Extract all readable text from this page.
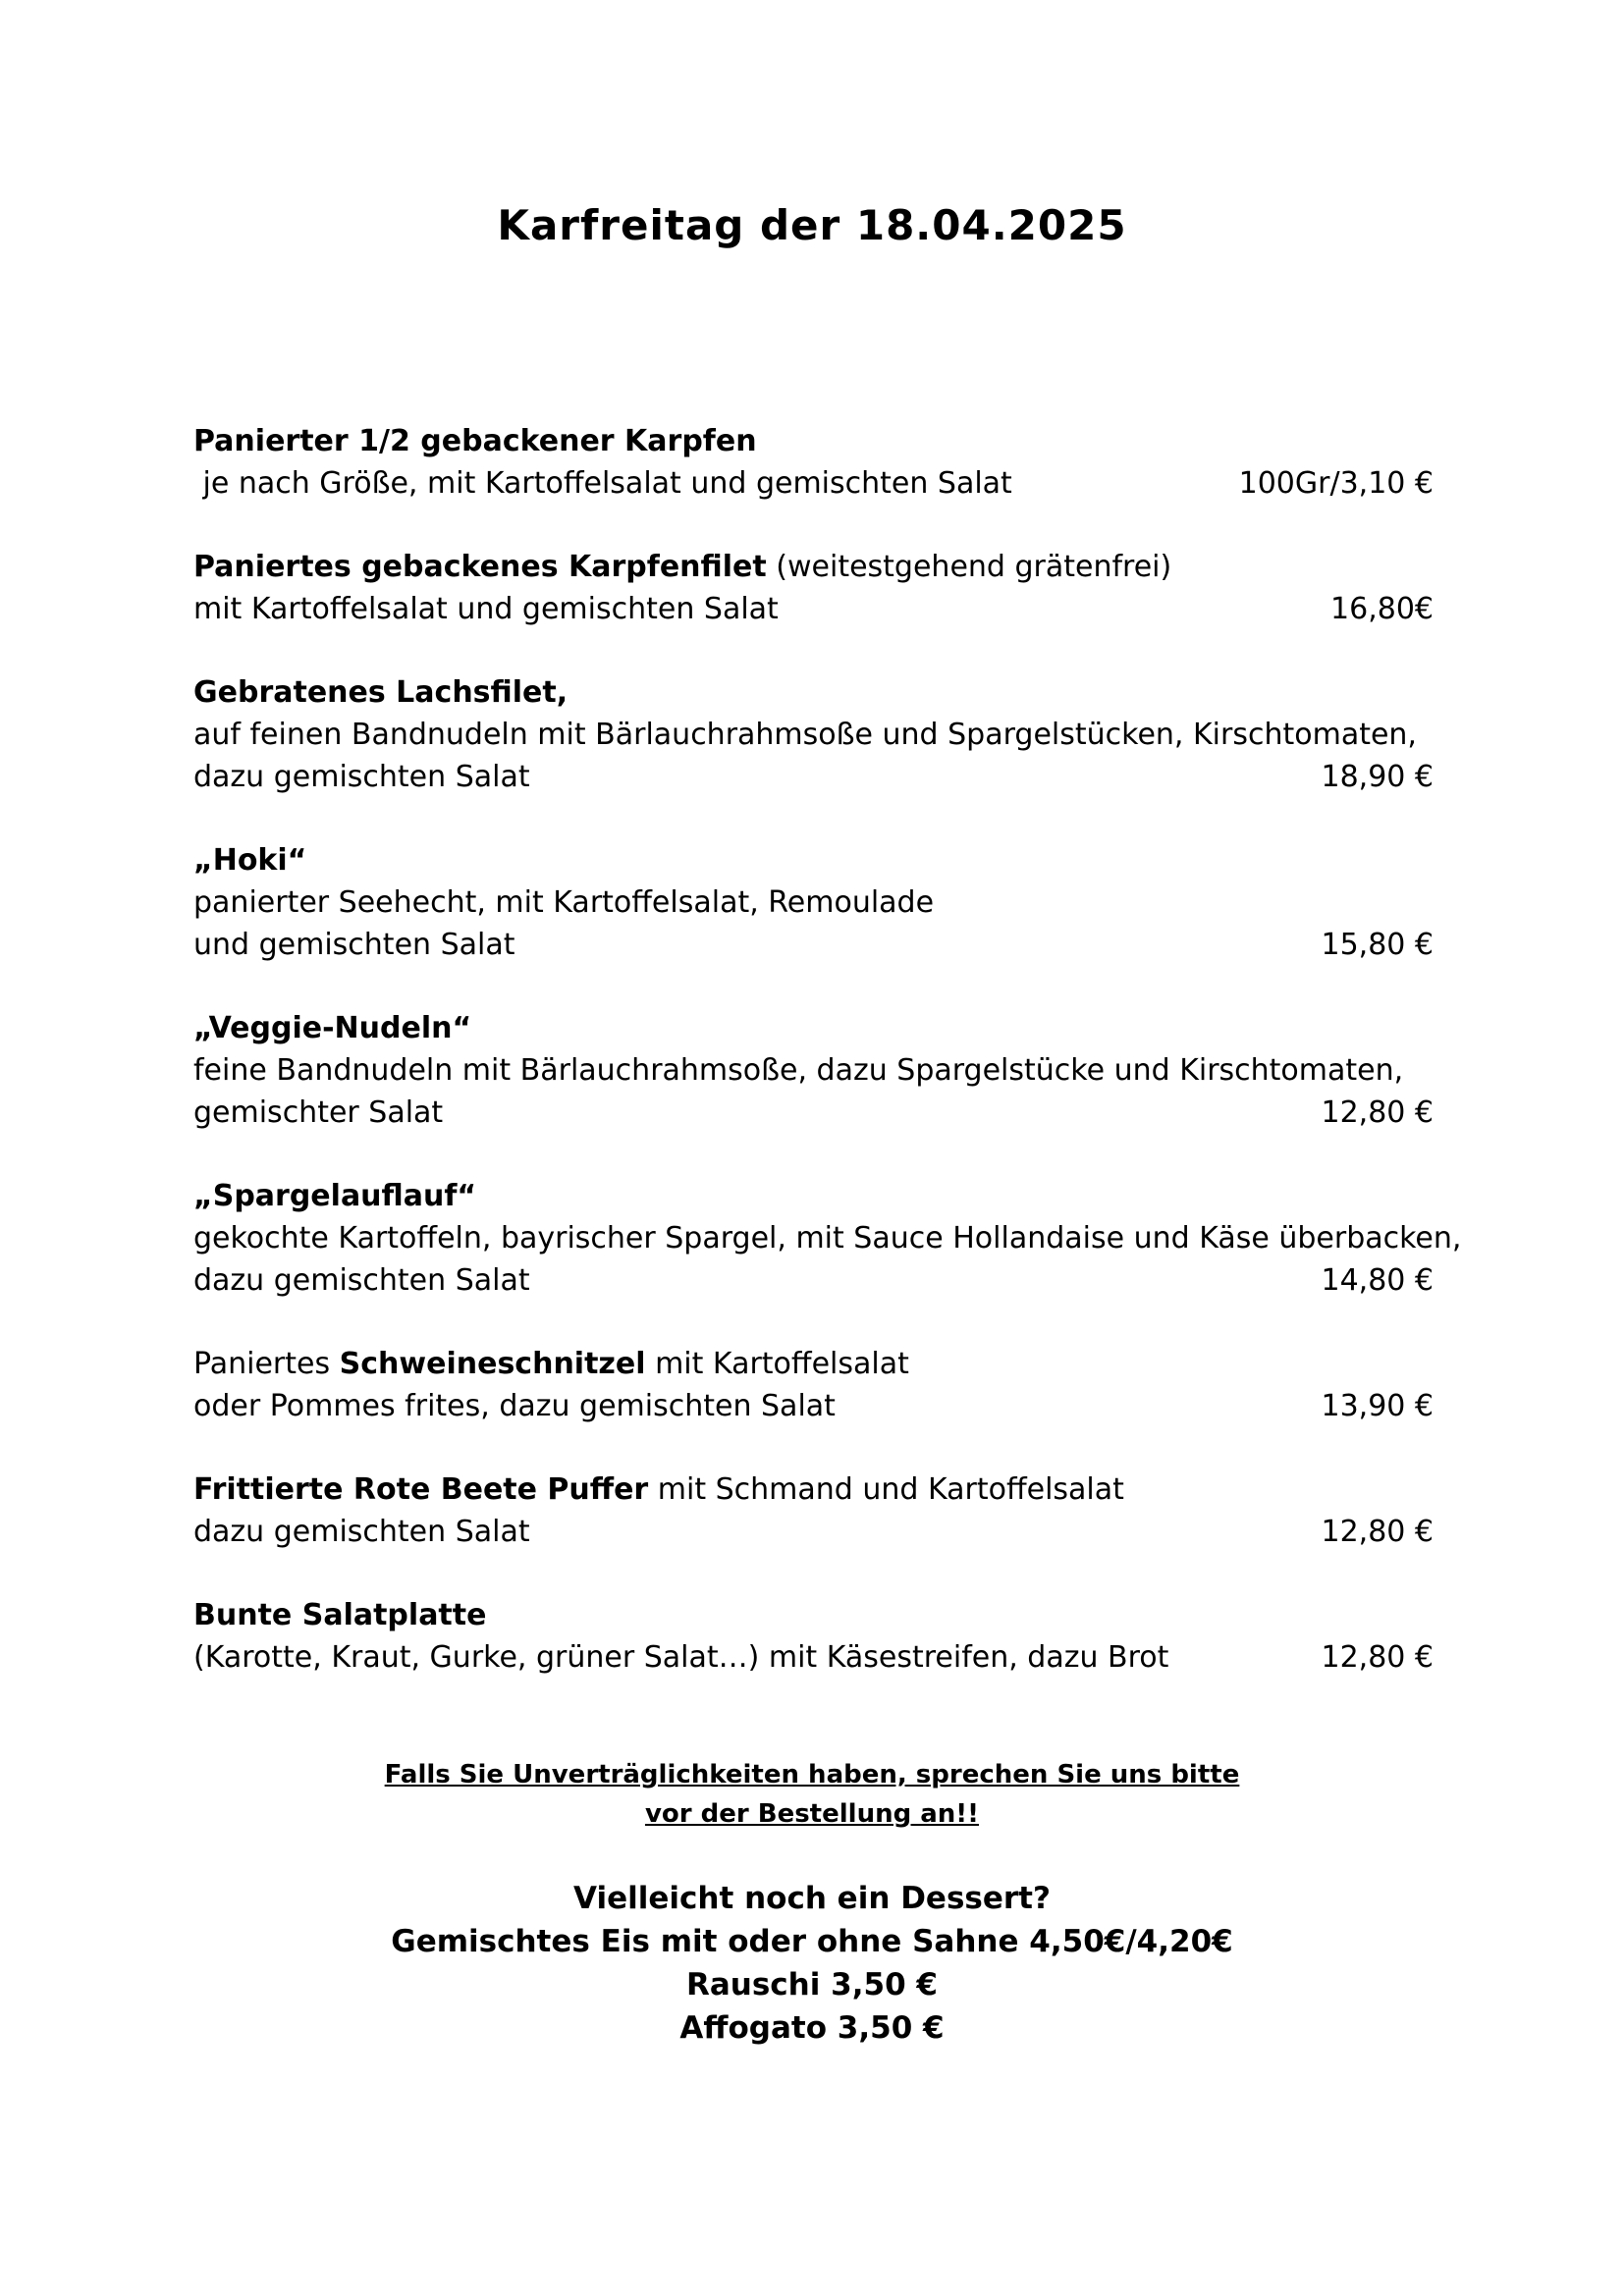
Karfreitag der 18.04.2025
Panierter 1/2 gebackener Karpfen
je nach Größe, mit Kartoffelsalat und gemischten Salat	100Gr/3,10 €
Paniertes gebackenes Karpfenfilet (weitestgehend grätenfrei)
mit Kartoffelsalat und gemischten Salat	16,80€
Gebratenes Lachsfilet,
auf feinen Bandnudeln mit Bärlauchrahmsoße und Spargelstücken, Kirschtomaten,
dazu gemischten Salat	18,90 €
„Hoki“
panierter Seehecht, mit Kartoffelsalat, Remoulade
und gemischten Salat	15,80 €
„Veggie-Nudeln“
feine Bandnudeln mit Bärlauchrahmsoße, dazu Spargelstücke und Kirschtomaten,
gemischter Salat	12,80 €
„Spargelauflauf“
gekochte Kartoffeln, bayrischer Spargel, mit Sauce Hollandaise und Käse überbacken,
dazu gemischten Salat	14,80 €
Paniertes Schweineschnitzel mit Kartoffelsalat
oder Pommes frites, dazu gemischten Salat	13,90 €
Frittierte Rote Beete Puffer mit Schmand und Kartoffelsalat
dazu gemischten Salat	12,80 €
Bunte Salatplatte
(Karotte, Kraut, Gurke, grüner Salat…) mit Käsestreifen, dazu Brot	12,80 €
Falls Sie Unverträglichkeiten haben, sprechen Sie uns bitte
vor der Bestellung an!!
Vielleicht noch ein Dessert?
Gemischtes Eis mit oder ohne Sahne 4,50€/4,20€
Rauschi 3,50 €
Affogato 3,50 €
